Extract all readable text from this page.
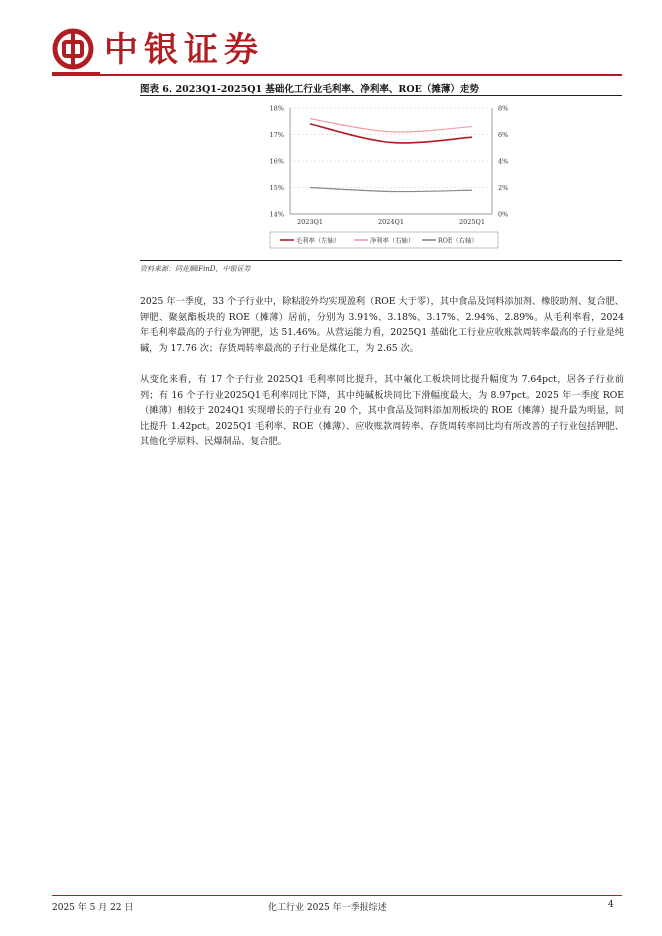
中银证券
图表 6. 2023Q1-2025Q1 基础化工行业毛利率、净利率、ROE（摊薄）走势
14%
15%
16%
17%
18%
0%
2%
4%
6%
8%
2023Q1	2024Q1	2025Q1
毛利率（左轴）	净利率（右轴）	ROE（右轴）
资料来源：同花顺iFinD，中银证券
2025 年一季度，33 个子行业中，除粘胶外均实现盈利（ROE 大于零），其中食品及饲料添加剂、橡胶助剂、复合肥、钾肥、聚氨酯板块的 ROE（摊薄）居前，分别为 3.91%、3.18%、3.17%、2.94%、2.89%。从毛利率看，2024 年毛利率最高的子行业为钾肥，达 51.46%。从营运能力看，2025Q1 基础化工行业应收账款周转率最高的子行业是纯碱，为 17.76 次；存货周转率最高的子行业是煤化工，为 2.65 次。
从变化来看，有 17 个子行业 2025Q1 毛利率同比提升，其中氟化工板块同比提升幅度为 7.64pct，居各子行业前列；有 16 个子行业2025Q1毛利率同比下降，其中纯碱板块同比下滑幅度最大，为 8.97pct。2025 年一季度 ROE（摊薄）相较于 2024Q1 实现增长的子行业有 20 个，其中食品及饲料添加剂板块的 ROE（摊薄）提升最为明显，同比提升 1.42pct。2025Q1 毛利率、ROE（摊薄）、应收账款周转率、存货周转率同比均有所改善的子行业包括钾肥、其他化学原料、民爆制品、复合肥。
2025 年 5 月 22 日	化工行业 2025 年一季报综述	4
